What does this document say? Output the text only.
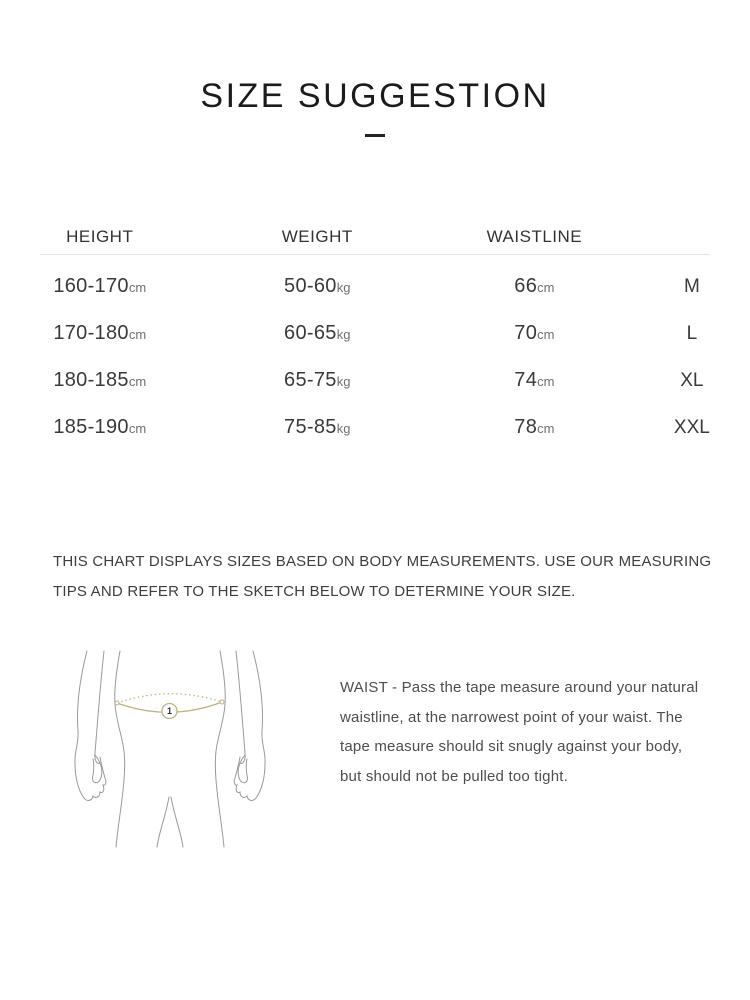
SIZE SUGGESTION
HEIGHT	WEIGHT	WAISTLINE
160-170cm	50-60kg	66cm	M
170-180cm	60-65kg	70cm	L
180-185cm	65-75kg	74cm	XL
185-190cm	75-85kg	78cm	XXL

THIS CHART DISPLAYS SIZES BASED ON BODY MEASUREMENTS. USE OUR MEASURING TIPS AND REFER TO THE SKETCH BELOW TO DETERMINE YOUR SIZE.

1

WAIST - Pass the tape measure around your natural waistline, at the narrowest point of your waist. The tape measure should sit snugly against your body, but should not be pulled too tight.
